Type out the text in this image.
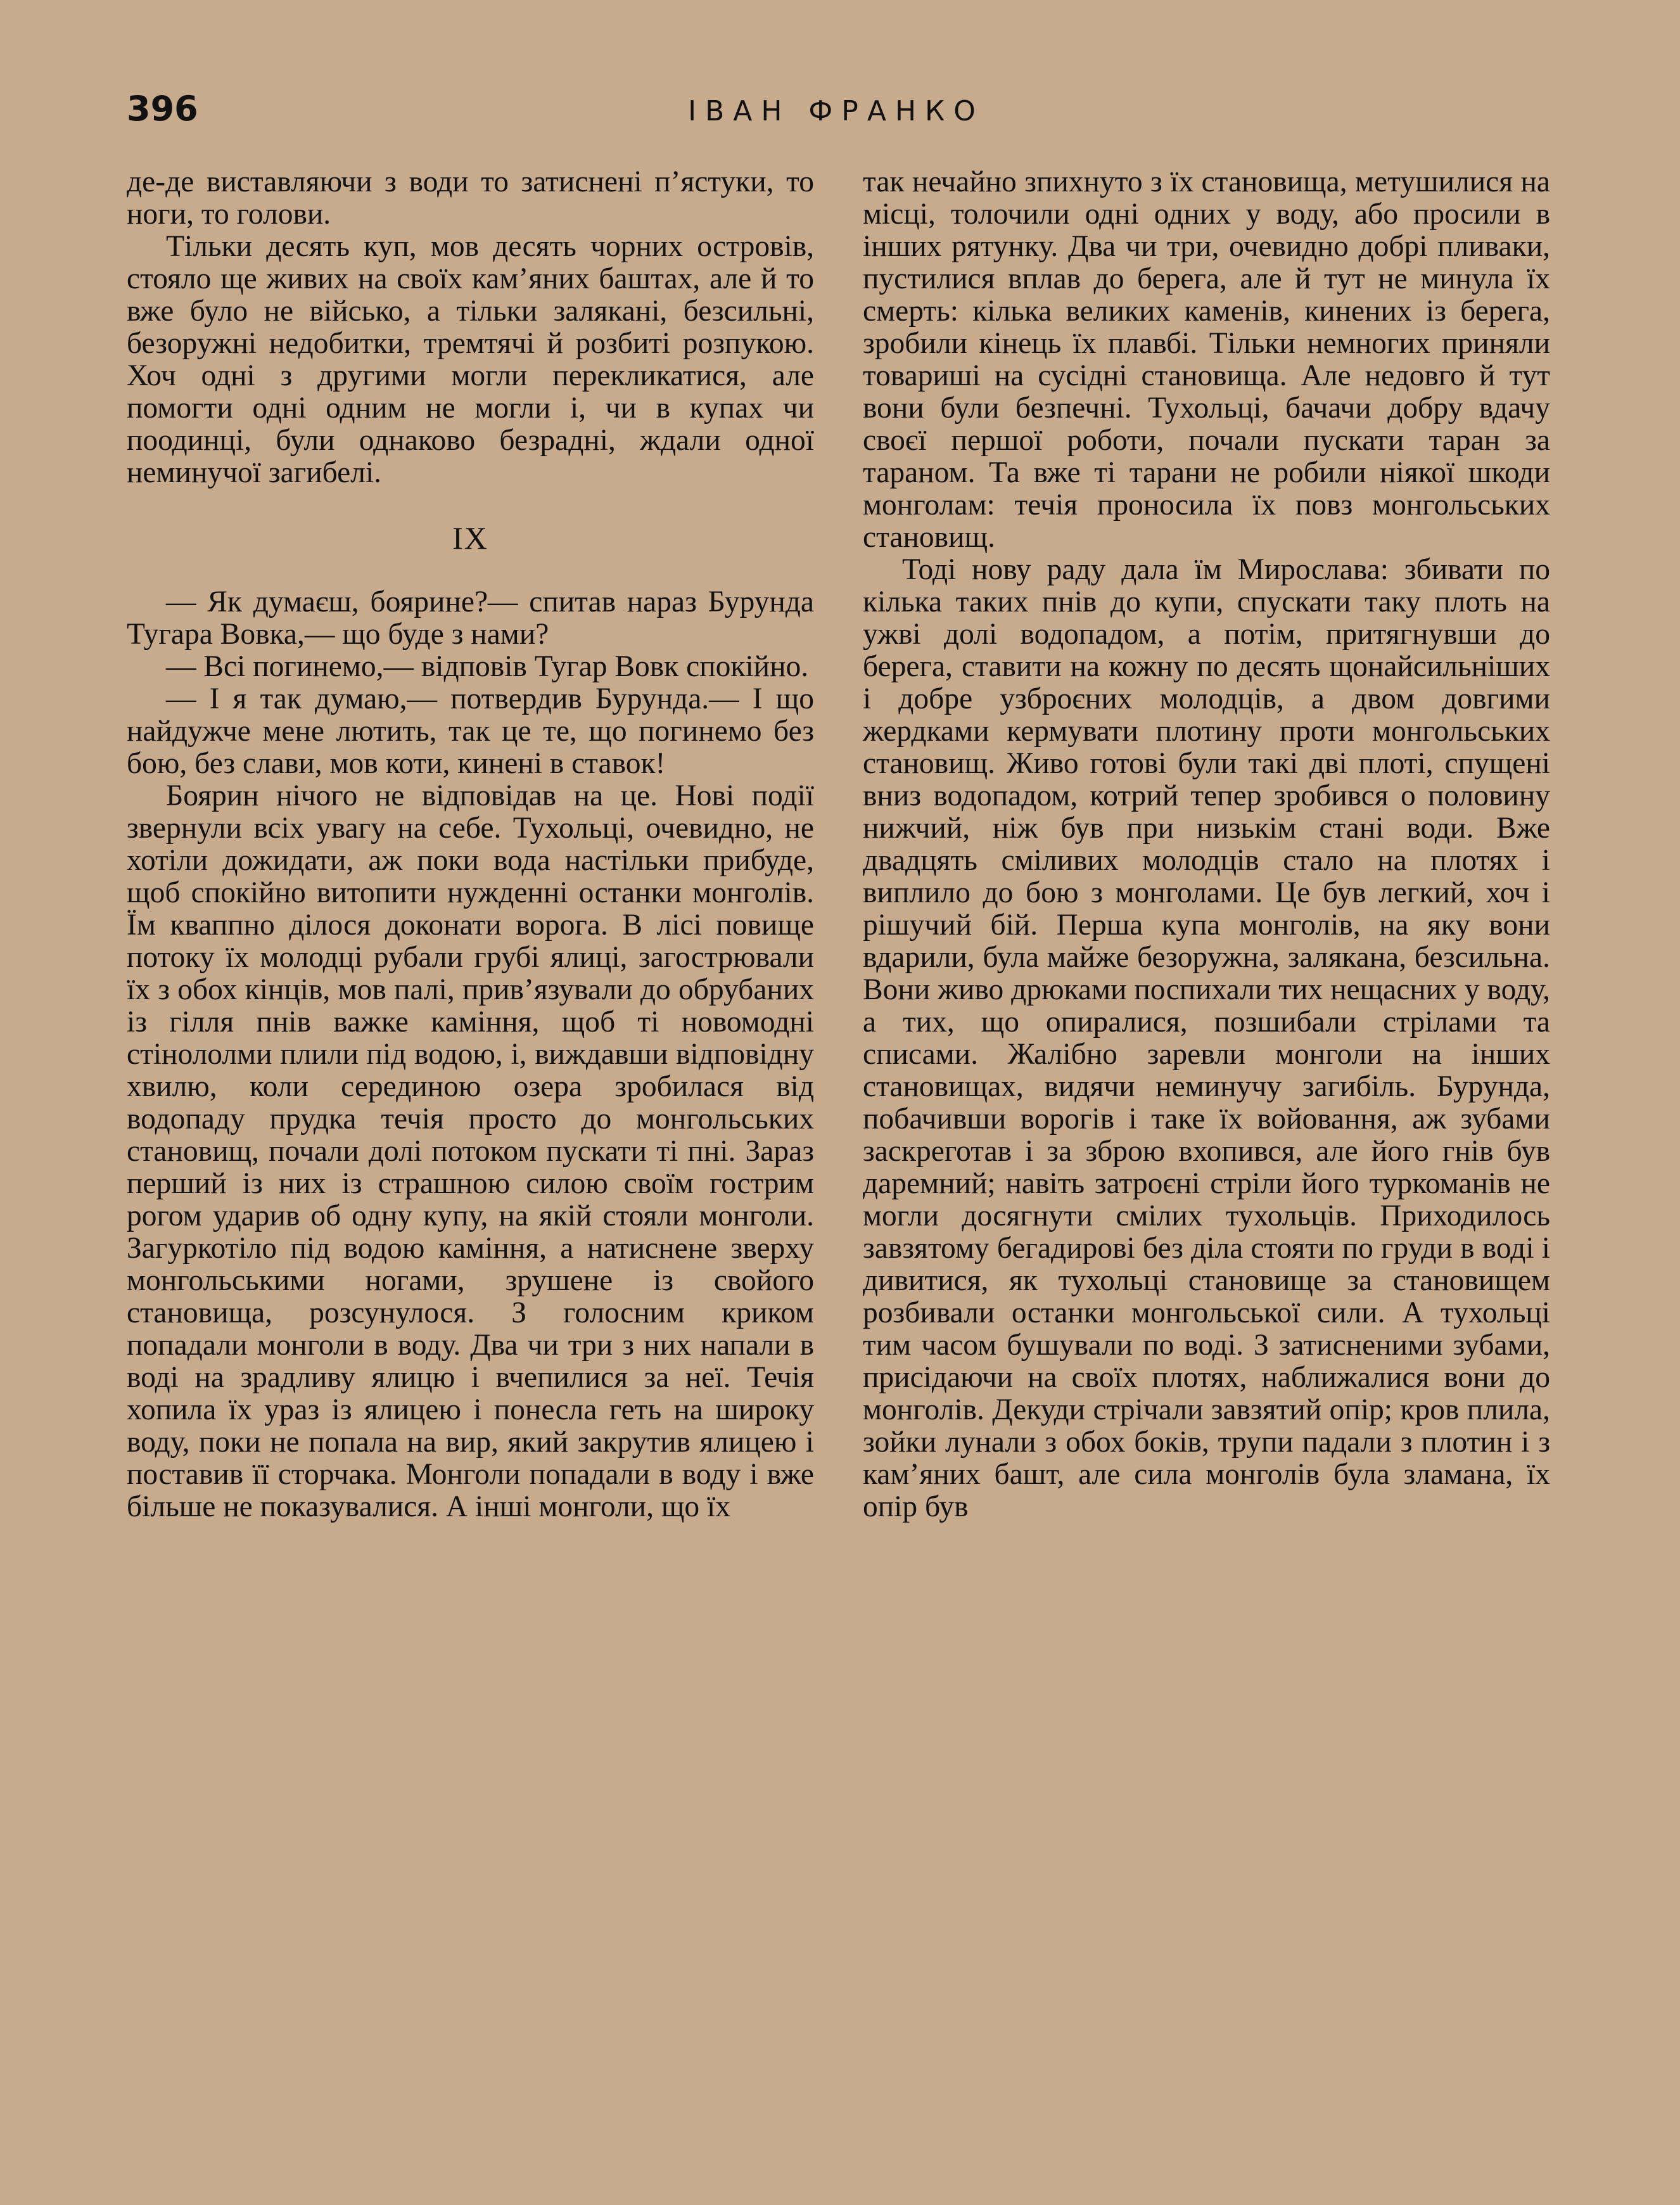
396	ІВАН ФРАНКО

де-де виставляючи з води то затиснені п’ястуки, то ноги, то голови.

Тільки десять куп, мов десять чорних островів, стояло ще живих на своїх кам’яних баштах, але й то вже було не військо, а тільки залякані, безсильні, безоружні недобитки, тремтячі й розбиті розпукою. Хоч одні з другими могли перекликатися, але помогти одні одним не могли і, чи в купах чи поодинці, були однаково безрадні, ждали одної неминучої загибелі.

IX

— Як думаєш, боярине?— спитав нараз Бурунда Тугара Вовка,— що буде з нами?

— Всі погинемо,— відповів Тугар Вовк спокійно.

— І я так думаю,— потвердив Бурунда.— І що найдужче мене лютить, так це те, що погинемо без бою, без слави, мов коти, кинені в ставок!

Боярин нічого не відповідав на це. Нові події звернули всіх увагу на себе. Тухольці, очевидно, не хотіли дожидати, аж поки вода настільки прибуде, щоб спокійно витопити нужденні останки монголів. Їм кваппно ділося доконати ворога. В лісі повище потоку їх молодці рубали грубі ялиці, загострювали їх з обох кінців, мов палі, прив’язували до обрубаних із гілля пнів важке каміння, щоб ті новомодні стінололми плили під водою, і, виждавши відповідну хвилю, коли серединою озера зробилася від водопаду прудка течія просто до монгольських становищ, почали долі потоком пускати ті пні. Зараз перший із них із страшною силою своїм гострим рогом ударив об одну купу, на якій стояли монголи. Загуркотіло під водою каміння, а натиснене зверху монгольськими ногами, зрушене із свойого становища, розсунулося. З голосним криком попадали монголи в воду. Два чи три з них напали в воді на зрадливу ялицю і вчепилися за неї. Течія хопила їх ураз із ялицею і понесла геть на широку воду, поки не попала на вир, який закрутив ялицею і поставив її сторчака. Монголи попадали в воду і вже більше не показувалися. А інші монголи, що їх

так нечайно зпихнуто з їх становища, метушилися на місці, толочили одні одних у воду, або просили в інших рятунку. Два чи три, очевидно добрі пливаки, пустилися вплав до берега, але й тут не минула їх смерть: кілька великих каменів, кинених із берега, зробили кінець їх плавбі. Тільки немногих приняли товариші на сусідні становища. Але недовго й тут вони були безпечні. Тухольці, бачачи добру вдачу своєї першої роботи, почали пускати таран за тараном. Та вже ті тарани не робили ніякої шкоди монголам: течія проносила їх повз монгольських становищ.

Тоді нову раду дала їм Мирослава: збивати по кілька таких пнів до купи, спускати таку плоть на ужві долі водопадом, а потім, притягнувши до берега, ставити на кожну по десять щонайсильніших і добре узброєних молодців, а двом довгими жердками кермувати плотину проти монгольських становищ. Живо готові були такі дві плоті, спущені вниз водопадом, котрий тепер зробився о половину нижчий, ніж був при низькім стані води. Вже двадцять сміливих молодців стало на плотях і виплило до бою з монголами. Це був легкий, хоч і рішучий бій. Перша купа монголів, на яку вони вдарили, була майже безоружна, залякана, безсильна. Вони живо дрюками поспихали тих нещасних у воду, а тих, що опиралися, позшибали стрілами та списами. Жалібно заревли монголи на інших становищах, видячи неминучу загибіль. Бурунда, побачивши ворогів і таке їх войовання, аж зубами заскреготав і за зброю вхопився, але його гнів був даремний; навіть затроєні стріли його туркоманів не могли досягнути смілих тухольців. Приходилось завзятому бегадирові без діла стояти по груди в воді і дивитися, як тухольці становище за становищем розбивали останки монгольської сили. А тухольці тим часом бушували по воді. З затисненими зубами, присідаючи на своїх плотях, наближалися вони до монголів. Декуди стрічали завзятий опір; кров плила, зойки лунали з обох боків, трупи падали з плотин і з кам’яних башт, але сила монголів була зламана, їх опір був
